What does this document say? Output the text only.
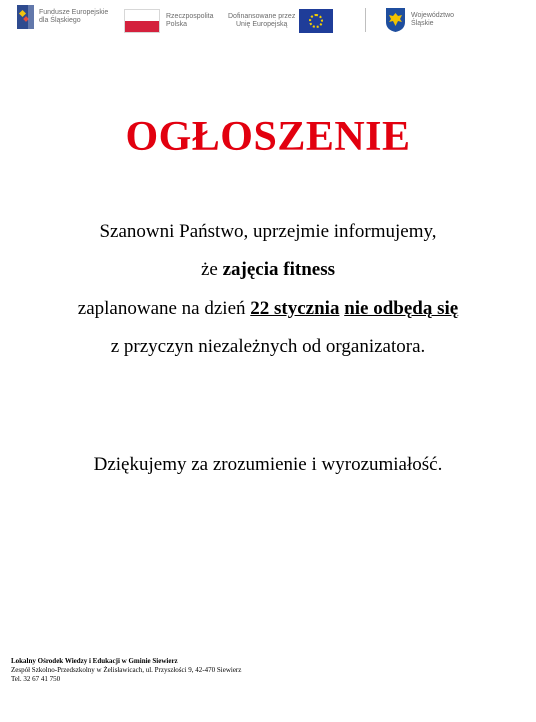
Fundusze Europejskie
dla Śląskiego
Rzeczpospolita
Polska
Dofinansowane przez
Unię Europejską
Województwo
Śląskie
OGŁOSZENIE
Szanowni Państwo, uprzejmie informujemy,
że zajęcia fitness
zaplanowane na dzień 22 stycznia nie odbędą się
z przyczyn niezależnych od organizatora.
Dziękujemy za zrozumienie i wyrozumiałość.
Lokalny Ośrodek Wiedzy i Edukacji w Gminie Siewierz
Zespół Szkolno-Przedszkolny w Żelisławicach, ul. Przyszłości 9, 42-470 Siewierz
Tel. 32 67 41 750
